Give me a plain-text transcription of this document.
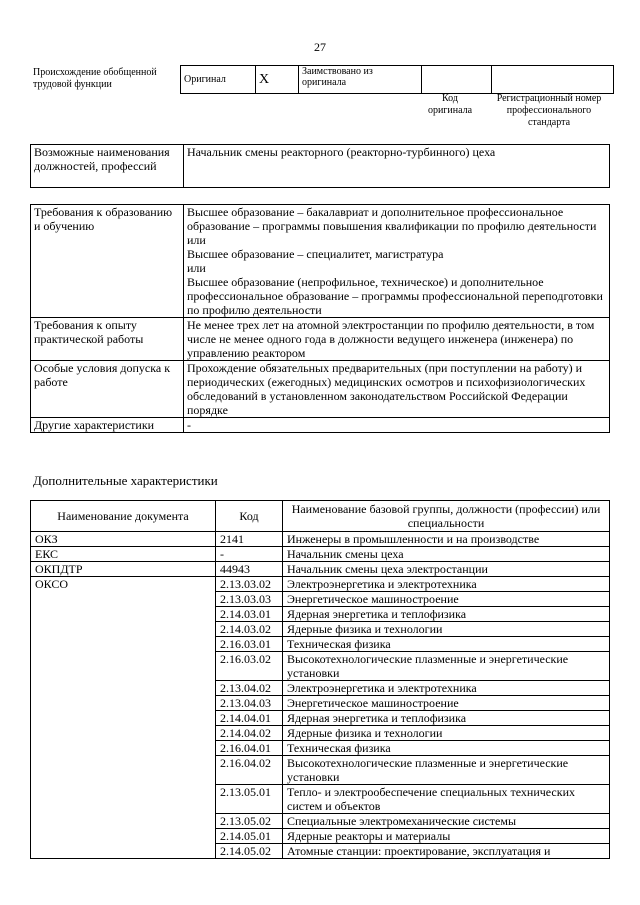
27
Происхождение обобщенной трудовой функции	Оригинал	X	Заимствовано из оригинала		
Код оригинала
Регистрационный номер профессионального стандарта
Возможные наименования должностей, профессий	Начальник смены реакторного (реакторно-турбинного) цеха
Требования к образованию и обучению	Высшее образование – бакалавриат и дополнительное профессиональное образование – программы повышения квалификации по профилю деятельности
или
Высшее образование – специалитет, магистратура
или
Высшее образование (непрофильное, техническое) и дополнительное профессиональное образование – программы профессиональной переподготовки по профилю деятельности

Требования к опыту практической работы	Не менее трех лет на атомной электростанции по профилю деятельности, в том числе не менее одного года в должности ведущего инженера (инженера) по управлению реактором

Особые условия допуска к работе	Прохождение обязательных предварительных (при поступлении на работу) и периодических (ежегодных) медицинских осмотров и психофизиологических обследований в установленном законодательством Российской Федерации порядке

Другие характеристики	-
Дополнительные характеристики
Наименование документа	Код	Наименование базовой группы, должности (профессии) или специальности
ОКЗ	2141	Инженеры в промышленности и на производстве
ЕКС	-	Начальник смены цеха
ОКПДТР	44943	Начальник смены цеха электростанции
ОКСО	2.13.03.02	Электроэнергетика и электротехника
	2.13.03.03	Энергетическое машиностроение
	2.14.03.01	Ядерная энергетика и теплофизика
	2.14.03.02	Ядерные физика и технологии
	2.16.03.01	Техническая физика
	2.16.03.02	Высокотехнологические плазменные и энергетические установки
	2.13.04.02	Электроэнергетика и электротехника
	2.13.04.03	Энергетическое машиностроение
	2.14.04.01	Ядерная энергетика и теплофизика
	2.14.04.02	Ядерные физика и технологии
	2.16.04.01	Техническая физика
	2.16.04.02	Высокотехнологические плазменные и энергетические установки
	2.13.05.01	Тепло- и электрообеспечение специальных технических систем и объектов
	2.13.05.02	Специальные электромеханические системы
	2.14.05.01	Ядерные реакторы и материалы
	2.14.05.02	Атомные станции: проектирование, эксплуатация и
